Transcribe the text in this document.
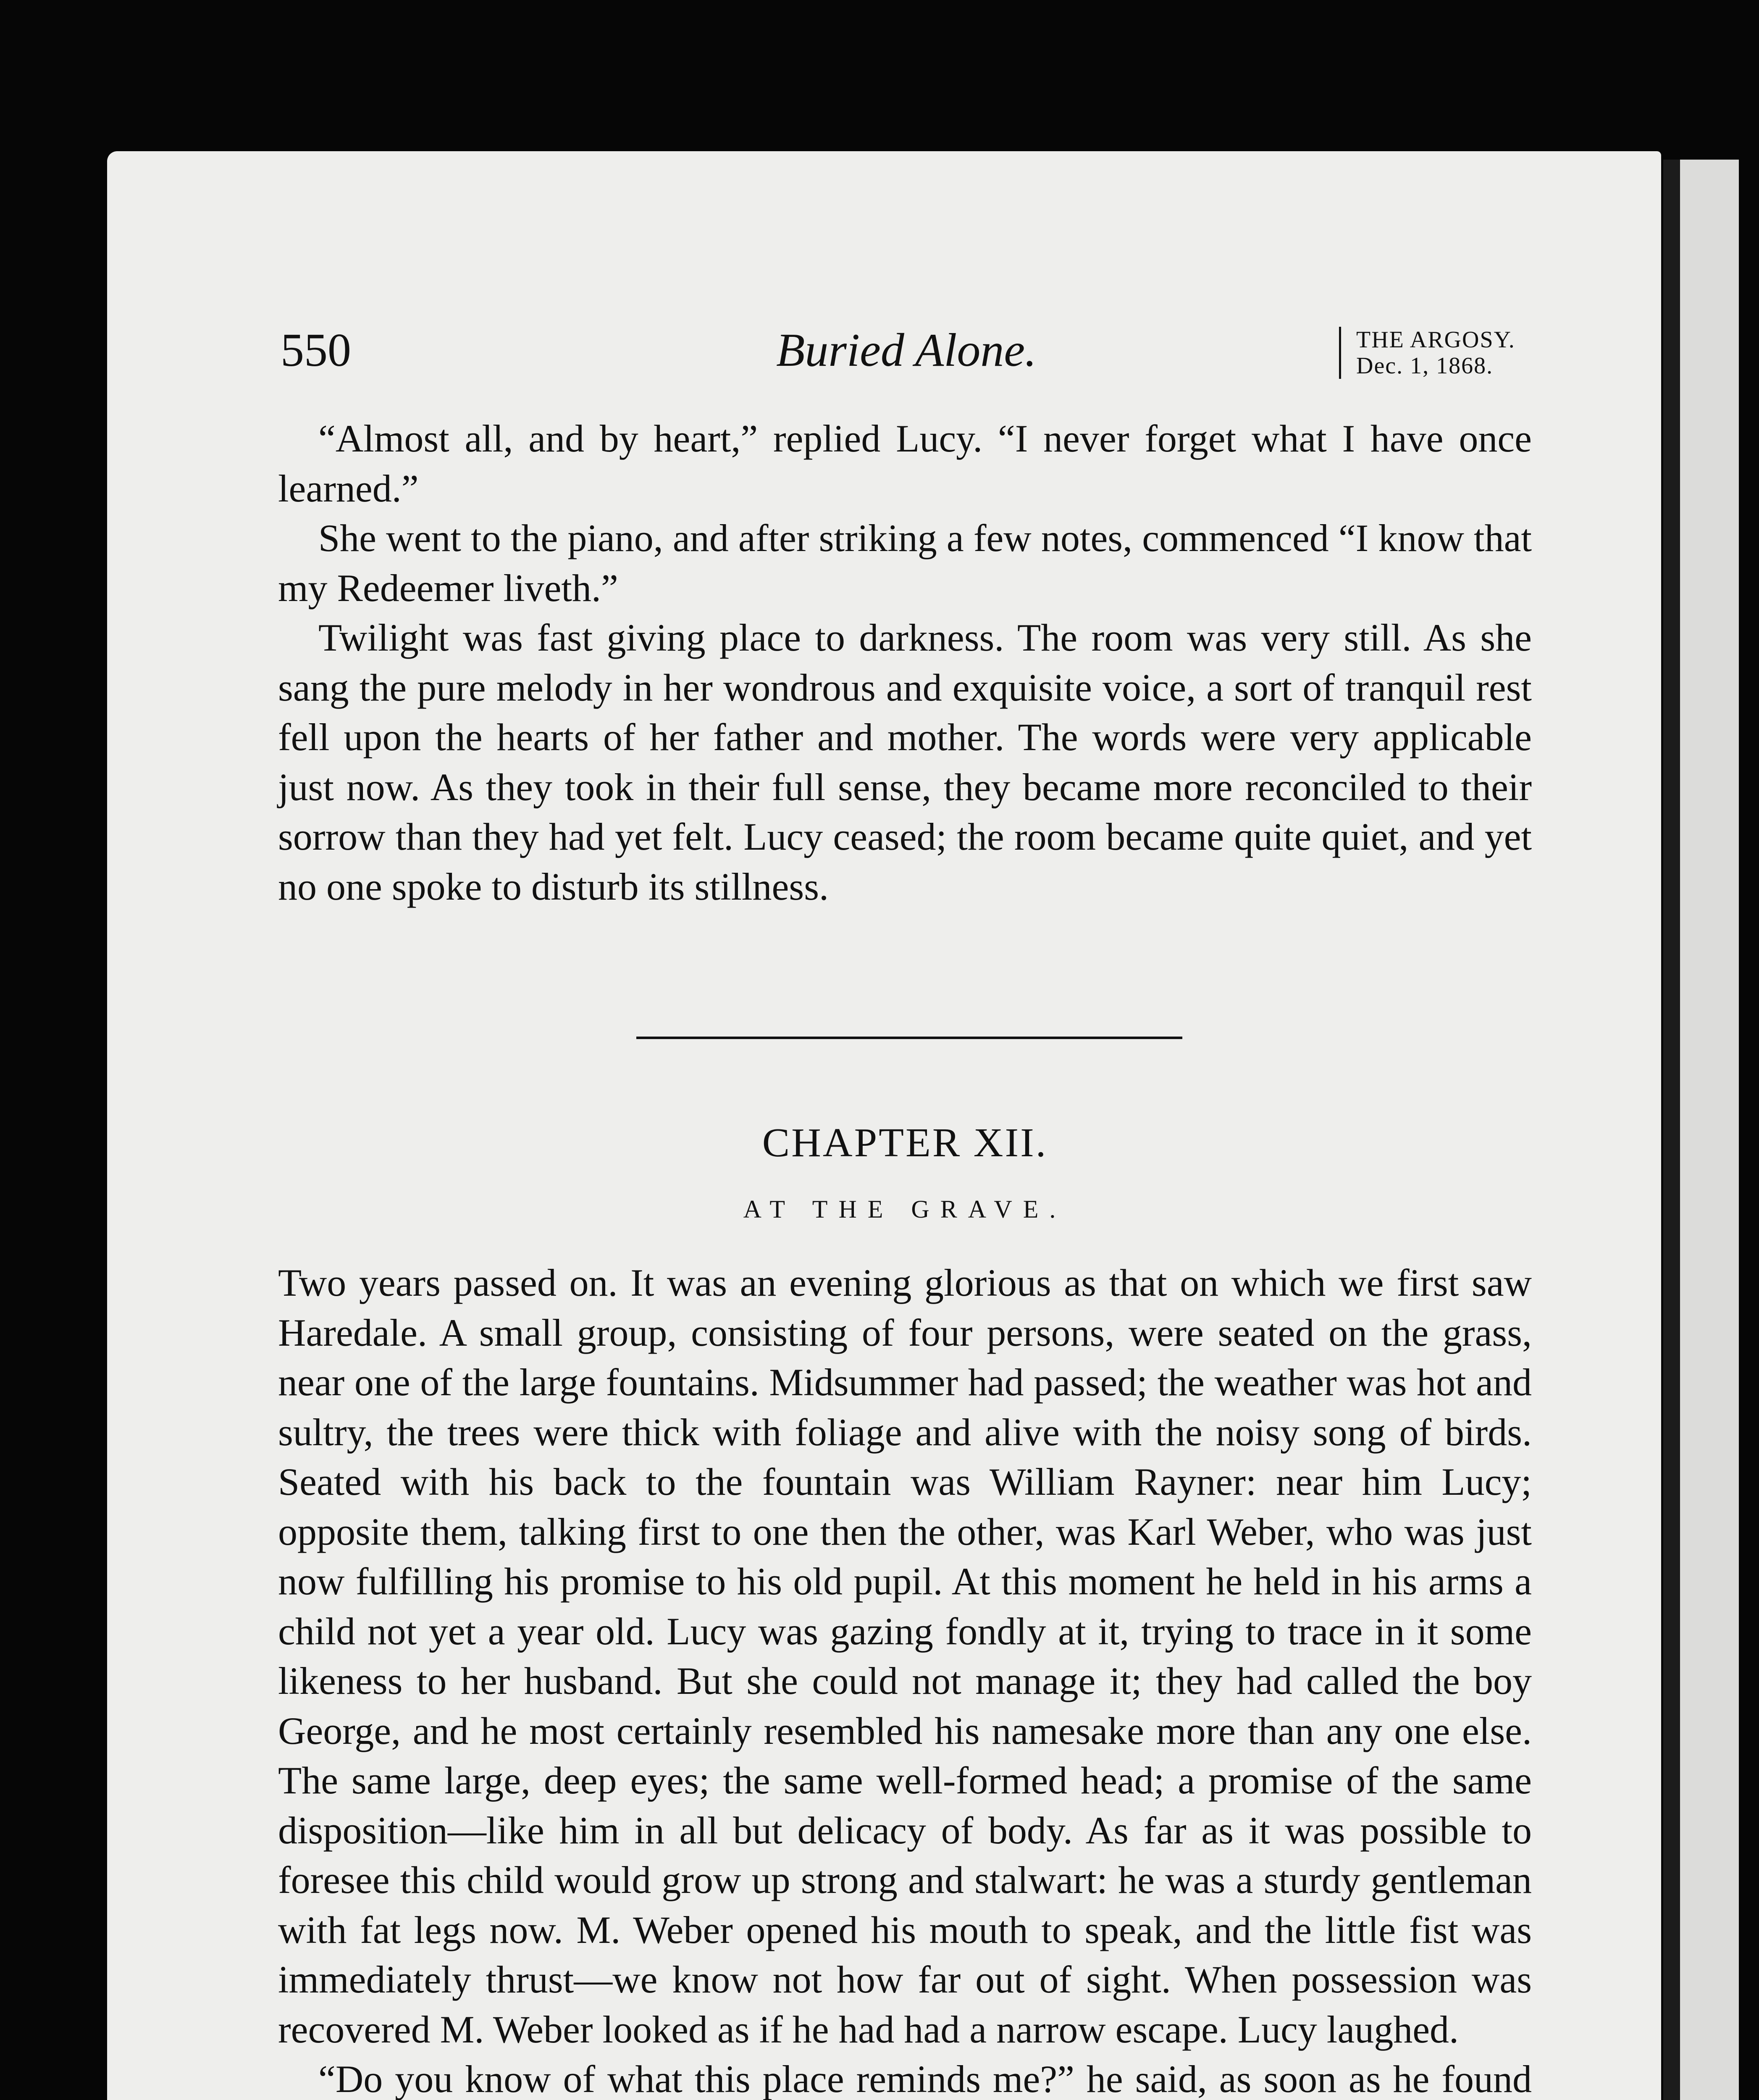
550	Buried Alone.	THE ARGOSY.
Dec. 1, 1868.

“Almost all, and by heart,” replied Lucy. “I never forget what I have once learned.”

She went to the piano, and after striking a few notes, commenced “I know that my Redeemer liveth.”

Twilight was fast giving place to darkness. The room was very still. As she sang the pure melody in her wondrous and exquisite voice, a sort of tranquil rest fell upon the hearts of her father and mother. The words were very applicable just now. As they took in their full sense, they became more reconciled to their sorrow than they had yet felt. Lucy ceased; the room became quite quiet, and yet no one spoke to disturb its stillness.

CHAPTER XII.
AT THE GRAVE.

Two years passed on. It was an evening glorious as that on which we first saw Haredale. A small group, consisting of four persons, were seated on the grass, near one of the large fountains. Midsummer had passed; the weather was hot and sultry, the trees were thick with foliage and alive with the noisy song of birds. Seated with his back to the fountain was William Rayner: near him Lucy; opposite them, talking first to one then the other, was Karl Weber, who was just now fulfilling his promise to his old pupil. At this moment he held in his arms a child not yet a year old. Lucy was gazing fondly at it, trying to trace in it some likeness to her husband. But she could not manage it; they had called the boy George, and he most certainly resembled his namesake more than any one else. The same large, deep eyes; the same well-formed head; a promise of the same disposition—like him in all but delicacy of body. As far as it was possible to foresee this child would grow up strong and stalwart: he was a sturdy gentleman with fat legs now. M. Weber opened his mouth to speak, and the little fist was immediately thrust—we know not how far out of sight. When possession was recovered M. Weber looked as if he had had a narrow escape. Lucy laughed.

“Do you know of what this place reminds me?” he said, as soon as he found
